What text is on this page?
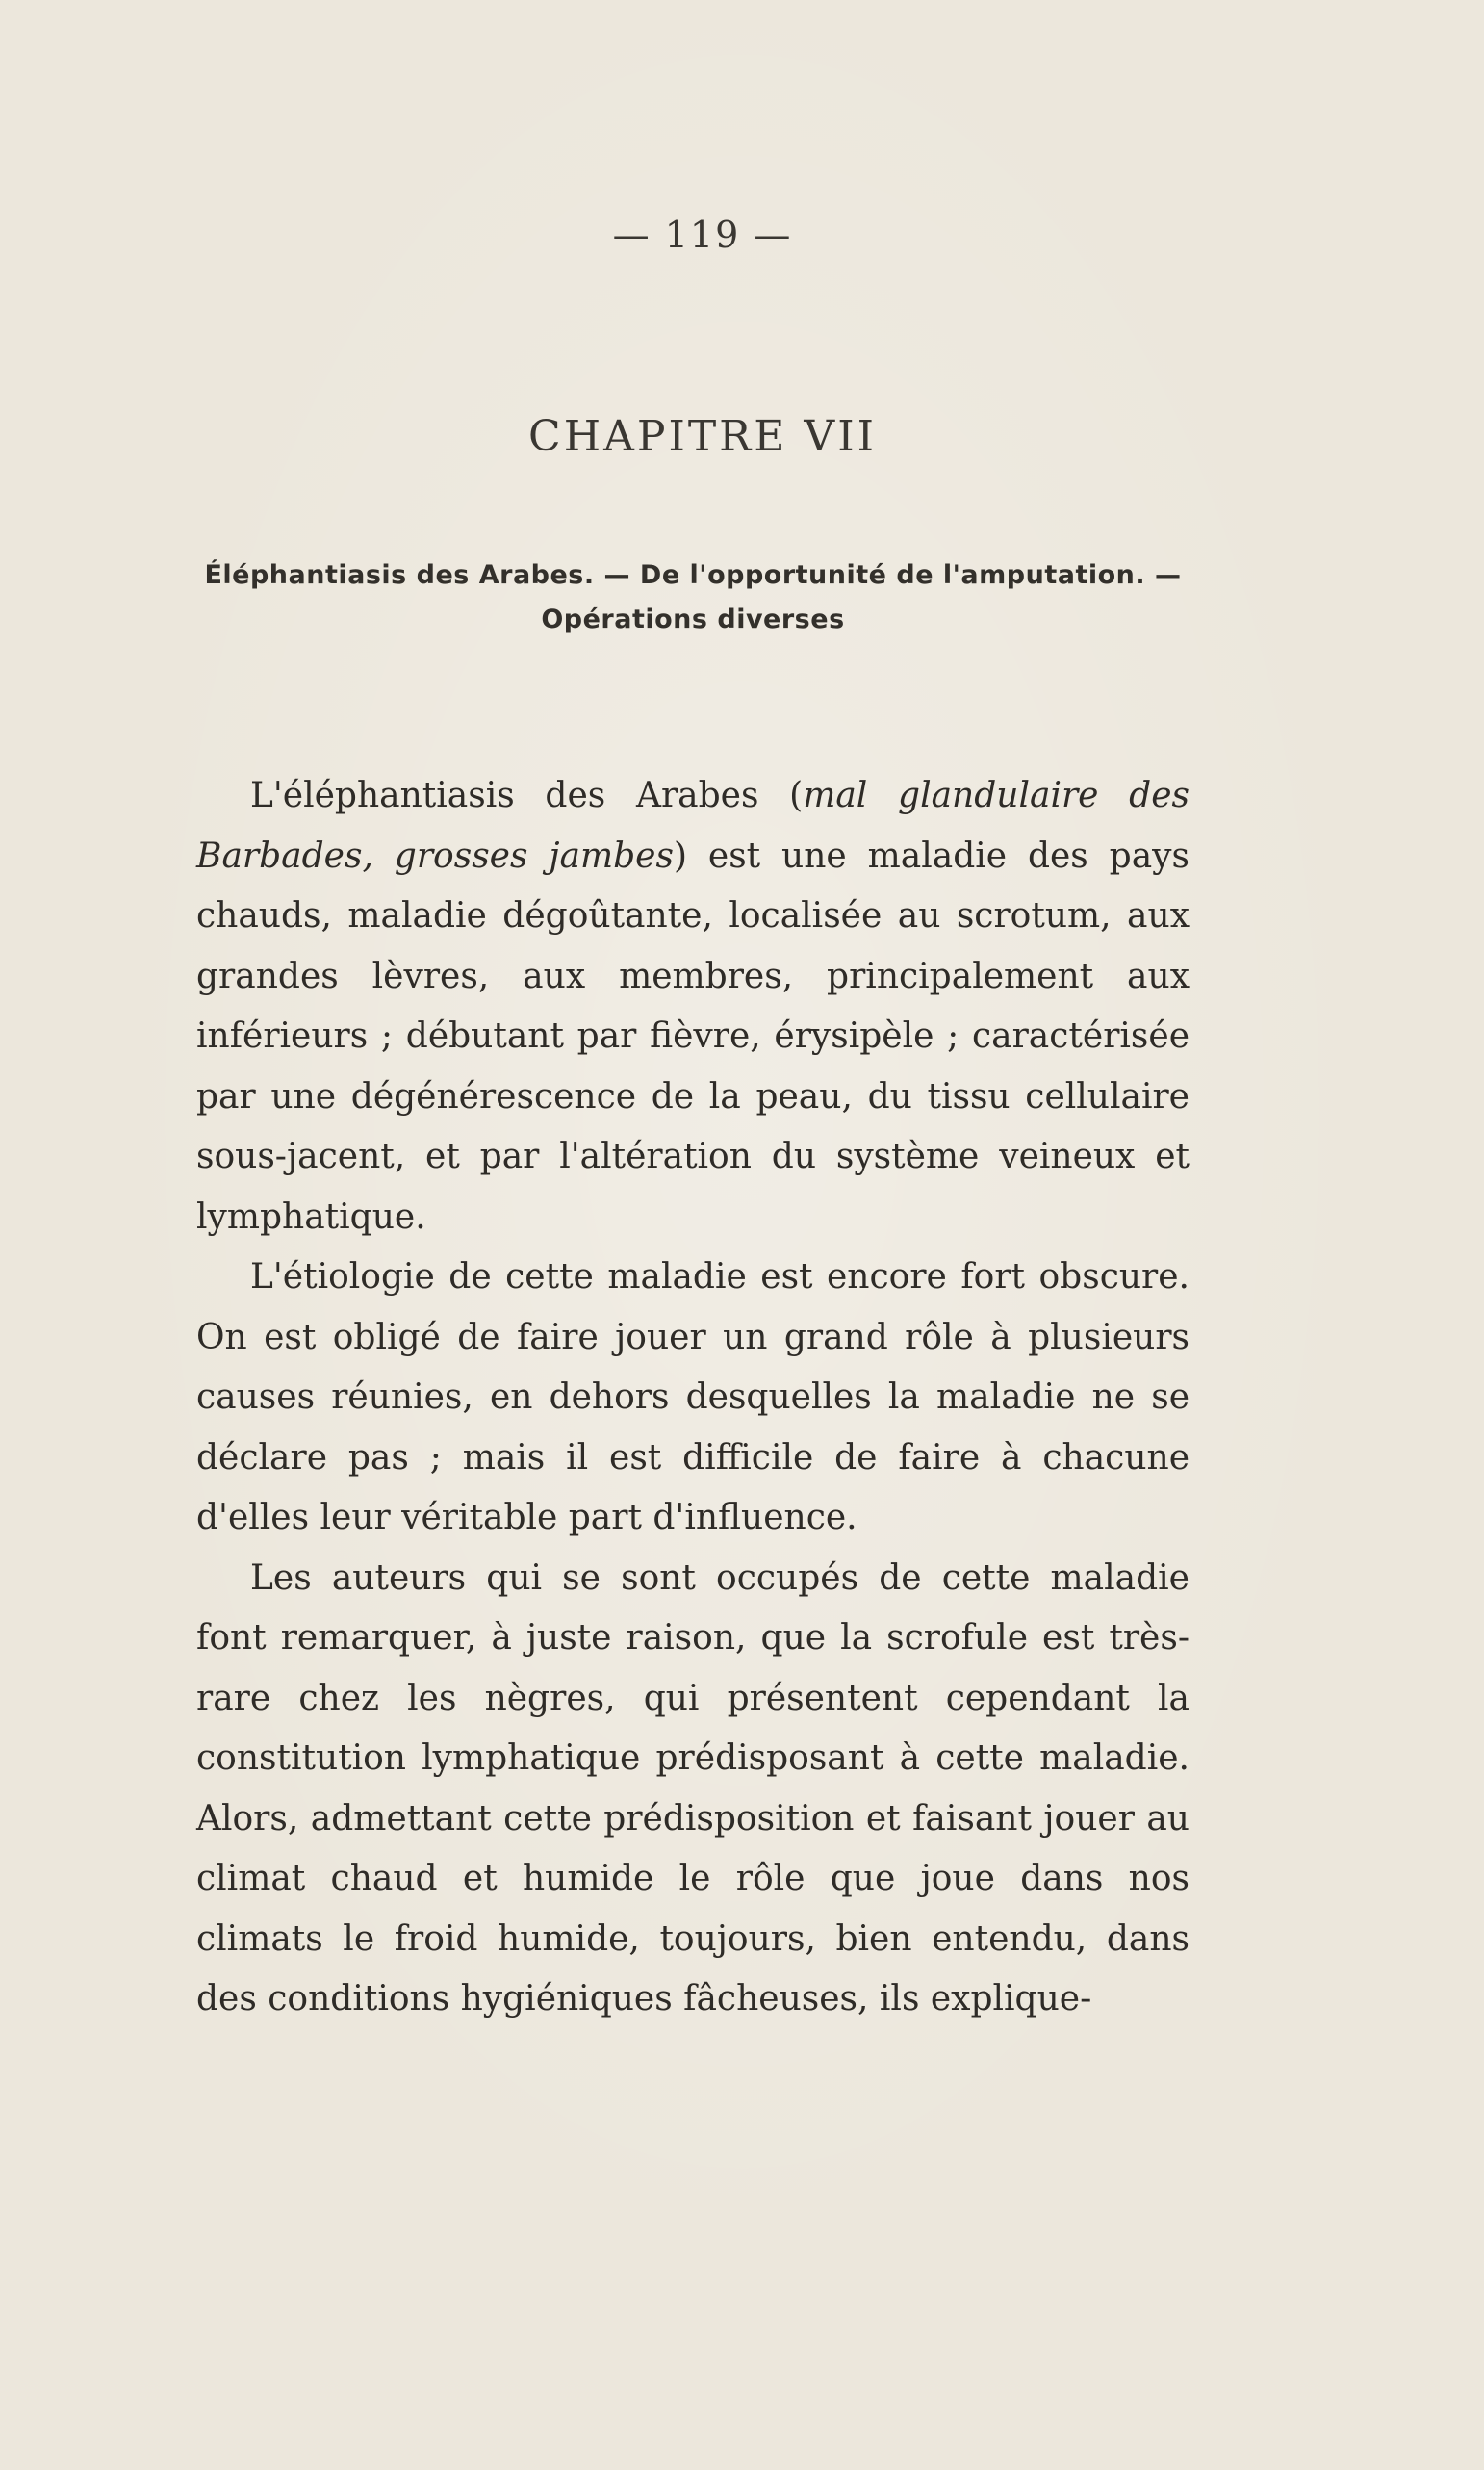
— 119 —
CHAPITRE VII
Éléphantiasis des Arabes. — De l'opportunité de l'amputation. —
Opérations diverses

L'éléphantiasis des Arabes (mal glandulaire des Barbades, grosses jambes) est une maladie des pays chauds, maladie dégoûtante, localisée au scrotum, aux grandes lèvres, aux membres, principalement aux inférieurs ; débutant par fièvre, érysipèle ; caractérisée par une dégénérescence de la peau, du tissu cellulaire sous-jacent, et par l'altération du système veineux et lymphatique.

L'étiologie de cette maladie est encore fort obscure. On est obligé de faire jouer un grand rôle à plusieurs causes réunies, en dehors desquelles la maladie ne se déclare pas ; mais il est difficile de faire à chacune d'elles leur véritable part d'influence.

Les auteurs qui se sont occupés de cette maladie font remarquer, à juste raison, que la scrofule est très-rare chez les nègres, qui présentent cependant la constitution lymphatique prédisposant à cette maladie. Alors, admettant cette prédisposition et faisant jouer au climat chaud et humide le rôle que joue dans nos climats le froid humide, toujours, bien entendu, dans des conditions hygiéniques fâcheuses, ils explique-
